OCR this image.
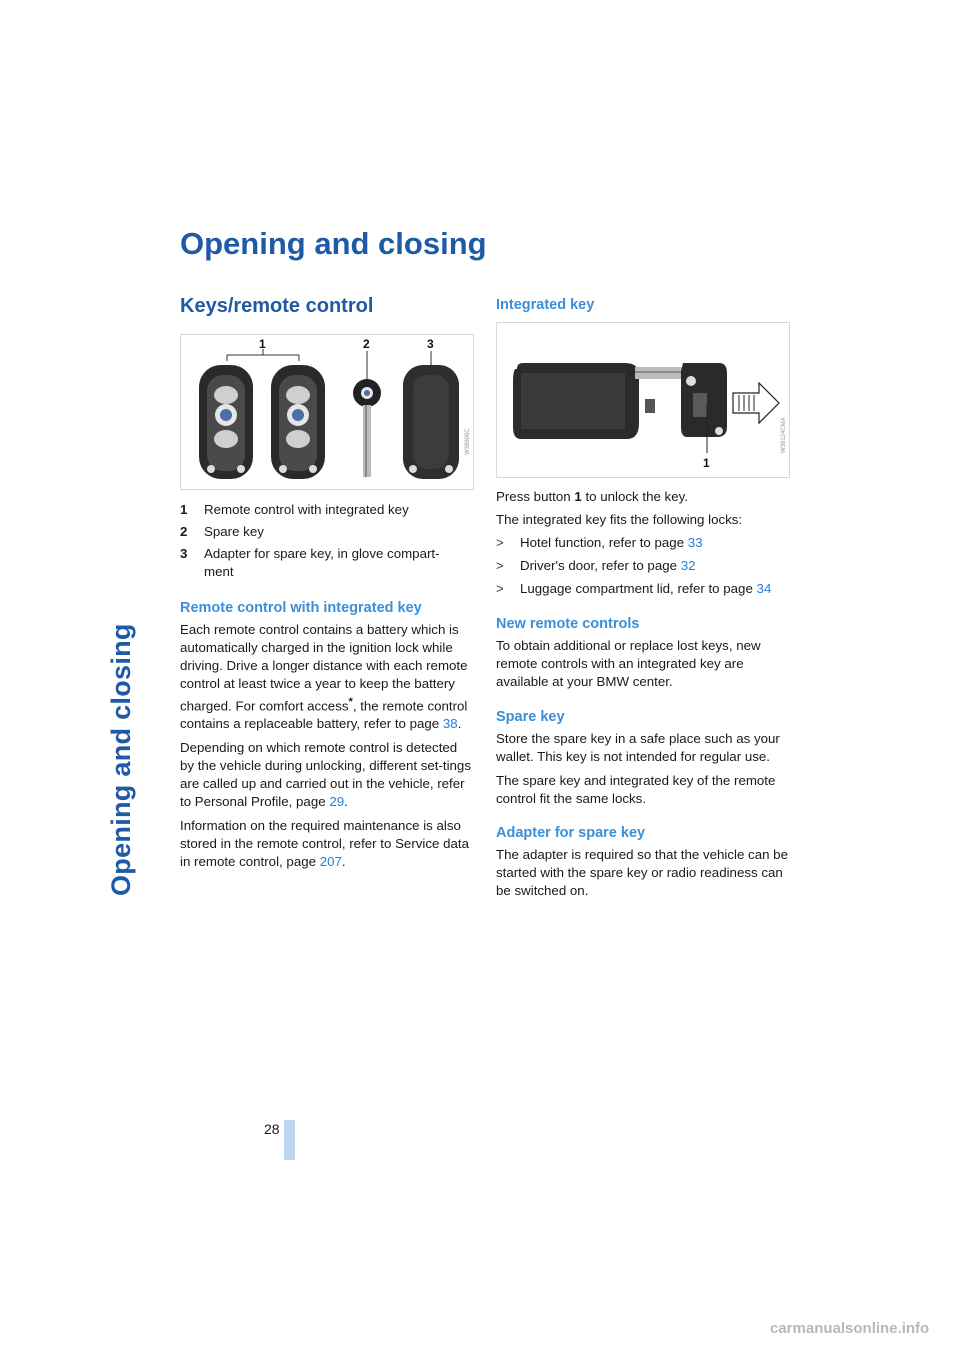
Opening and closing
Opening and closing
Keys/remote control
1	2	3
W38896C
1	Remote control with integrated key
2	Spare key
3	Adapter for spare key, in glove compart-
ment
Remote control with integrated key

Each remote control contains a battery which is automatically charged in the ignition lock while driving. Drive a longer distance with each remote control at least twice a year to keep the battery charged. For comfort access*, the remote control contains a replaceable battery, refer to page 38.

Depending on which remote control is detected by the vehicle during unlocking, different set-tings are called up and carried out in the vehicle, refer to Personal Profile, page 29.

Information on the required maintenance is also stored in the remote control, refer to Service data in remote control, page 207.

Integrated key
1
W38124CMA

Press button 1 to unlock the key.

The integrated key fits the following locks:

>	Hotel function, refer to page 33
>	Driver's door, refer to page 32
>	Luggage compartment lid, refer to page 34
New remote controls

To obtain additional or replace lost keys, new remote controls with an integrated key are available at your BMW center.

Spare key

Store the spare key in a safe place such as your wallet. This key is not intended for regular use.

The spare key and integrated key of the remote control fit the same locks.

Adapter for spare key

The adapter is required so that the vehicle can be started with the spare key or radio readiness can be switched on.

28
carmanualsonline.info
